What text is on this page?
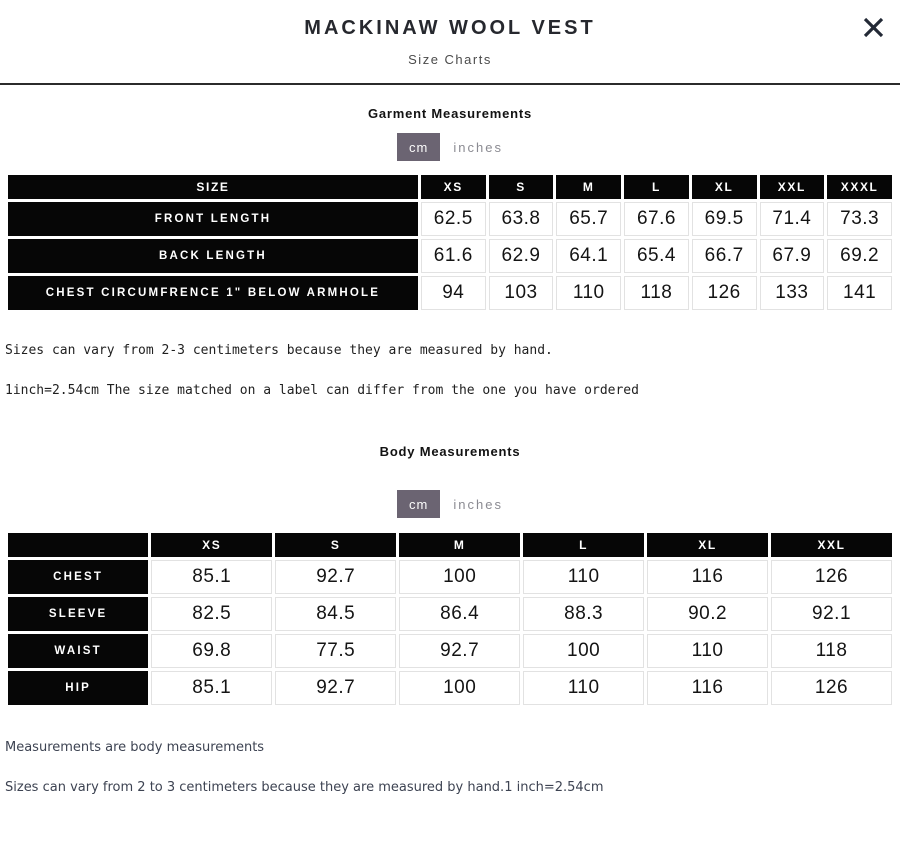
MACKINAW WOOL VEST
Size Charts
Garment Measurements
cm	inches
SIZE	XS	S	M	L	XL	XXL	XXXL
FRONT LENGTH	62.5	63.8	65.7	67.6	69.5	71.4	73.3
BACK LENGTH	61.6	62.9	64.1	65.4	66.7	67.9	69.2
CHEST CIRCUMFRENCE 1" BELOW ARMHOLE	94	103	110	118	126	133	141

Sizes can vary from 2-3 centimeters because they are measured by hand.

1inch=2.54cm The size matched on a label can differ from the one you have ordered

Body Measurements
cm	inches
	XS	S	M	L	XL	XXL
CHEST	85.1	92.7	100	110	116	126
SLEEVE	82.5	84.5	86.4	88.3	90.2	92.1
WAIST	69.8	77.5	92.7	100	110	118
HIP	85.1	92.7	100	110	116	126

Measurements are body measurements

Sizes can vary from 2 to 3 centimeters because they are measured by hand.1 inch=2.54cm
